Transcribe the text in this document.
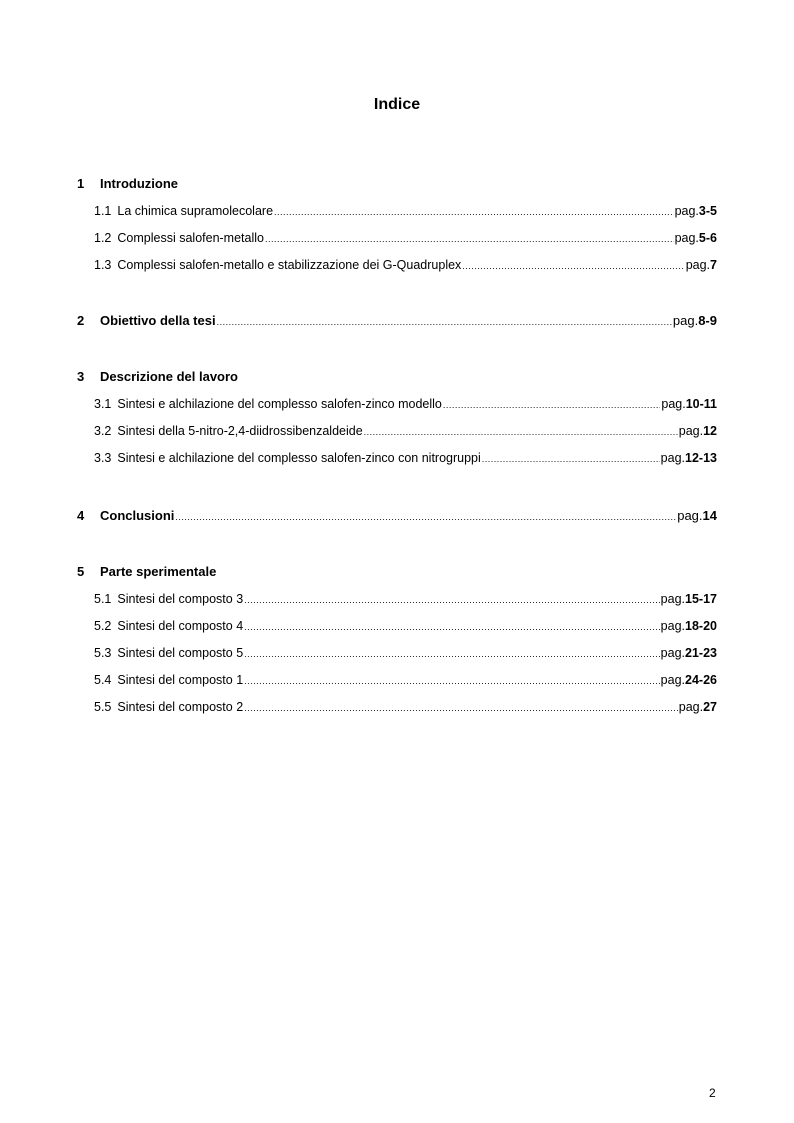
Indice
1 Introduzione
1.1 La chimica supramolecolare .....	pag.3-5
1.2 Complessi salofen-metallo .....	pag.5-6
1.3 Complessi salofen-metallo e stabilizzazione dei G-Quadruplex .....	pag.7
2	Obiettivo della tesi .....	pag.8-9
3 Descrizione del lavoro
3.1 Sintesi e alchilazione del complesso salofen-zinco modello .....	pag.10-11
3.2 Sintesi della 5-nitro-2,4-diidrossibenzaldeide .....	pag.12
3.3 Sintesi e alchilazione del complesso salofen-zinco con nitrogruppi .....	pag.12-13
4	Conclusioni .....	pag.14
5 Parte sperimentale
5.1 Sintesi del composto 3 .....	pag.15-17
5.2 Sintesi del composto 4 .....	pag.18-20
5.3 Sintesi del composto 5 .....	pag.21-23
5.4 Sintesi del composto 1 .....	pag.24-26
5.5 Sintesi del composto 2 .....	pag.27
2
